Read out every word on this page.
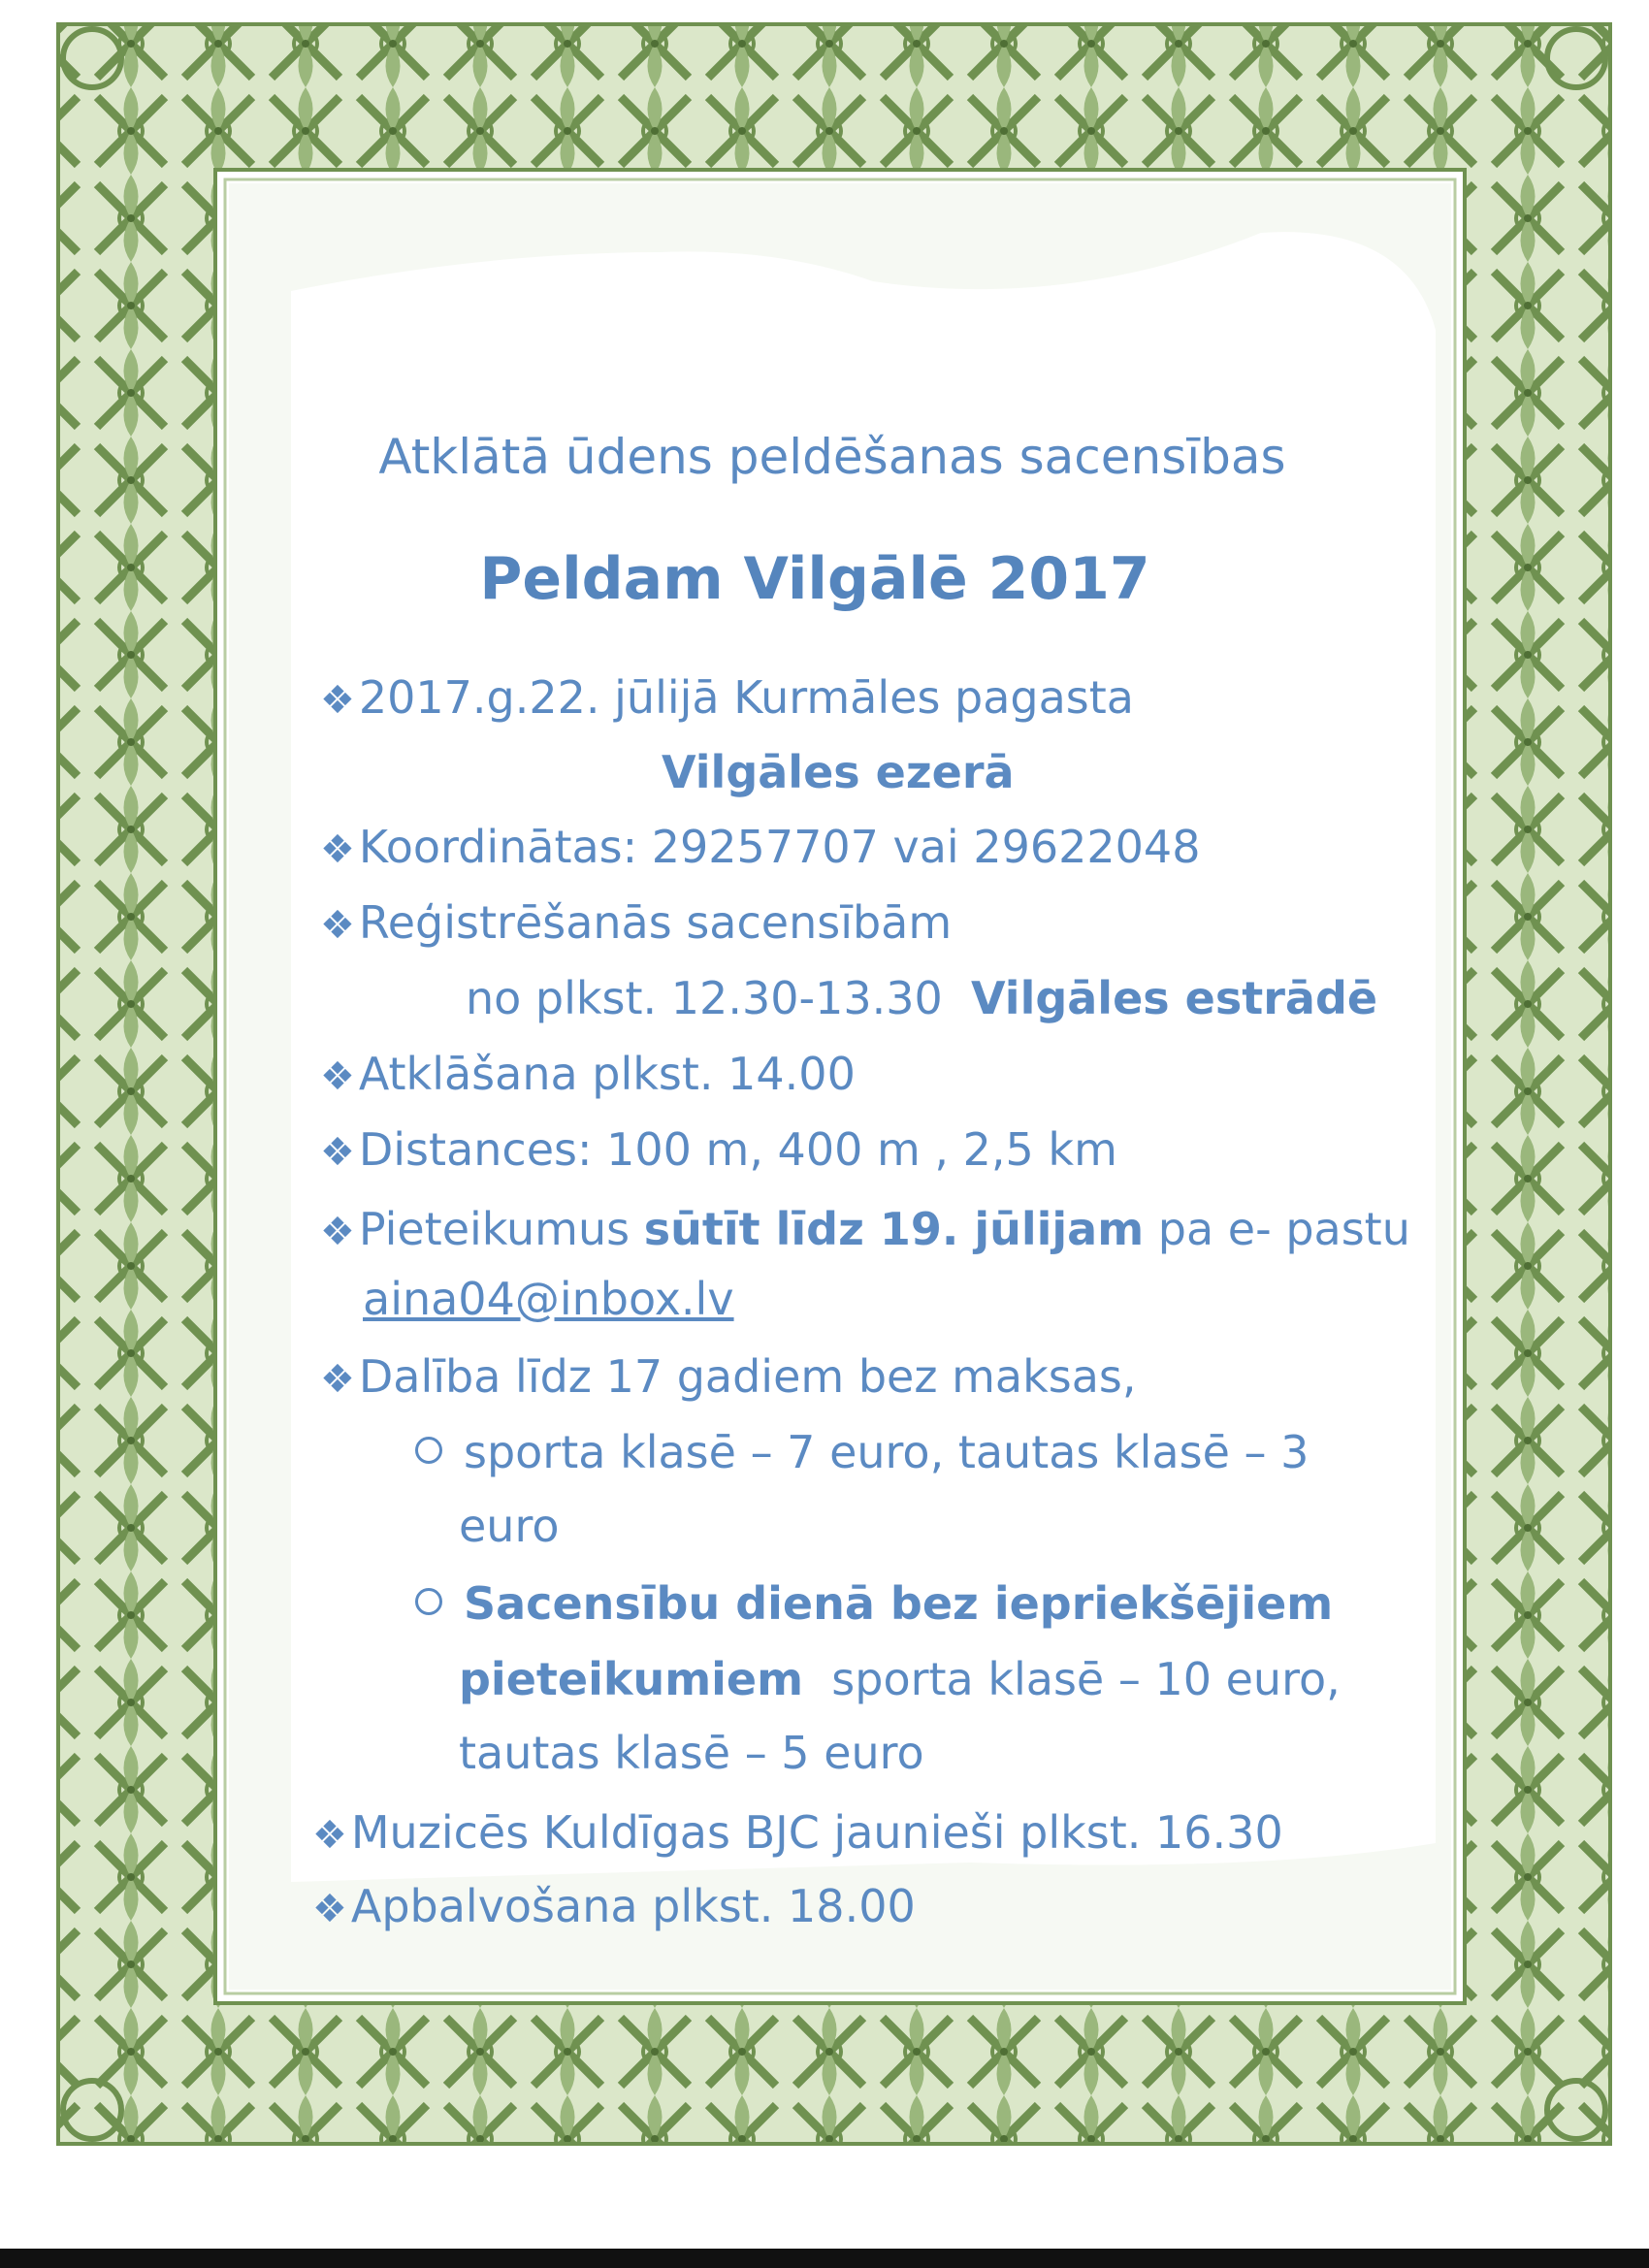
Atklātā ūdens peldēšanas sacensības
Peldam Vilgālē 2017
❖2017.g.22. jūlijā Kurmāles pagasta
Vilgāles ezerā
❖Koordinātas: 29257707 vai 29622048
❖Reģistrēšanās sacensībām
no plkst. 12.30-13.30 Vilgāles estrādē
❖Atklāšana plkst. 14.00
❖Distances: 100 m, 400 m , 2,5 km
❖Pieteikumus sūtīt līdz 19. jūlijam pa e- pastu
aina04@inbox.lv
❖Dalība līdz 17 gadiem bez maksas,
sporta klasē – 7 euro, tautas klasē – 3
euro
Sacensību dienā bez iepriekšējiem
pieteikumiem sporta klasē – 10 euro,
tautas klasē – 5 euro
❖Muzicēs Kuldīgas BJC jaunieši plkst. 16.30
❖Apbalvošana plkst. 18.00
